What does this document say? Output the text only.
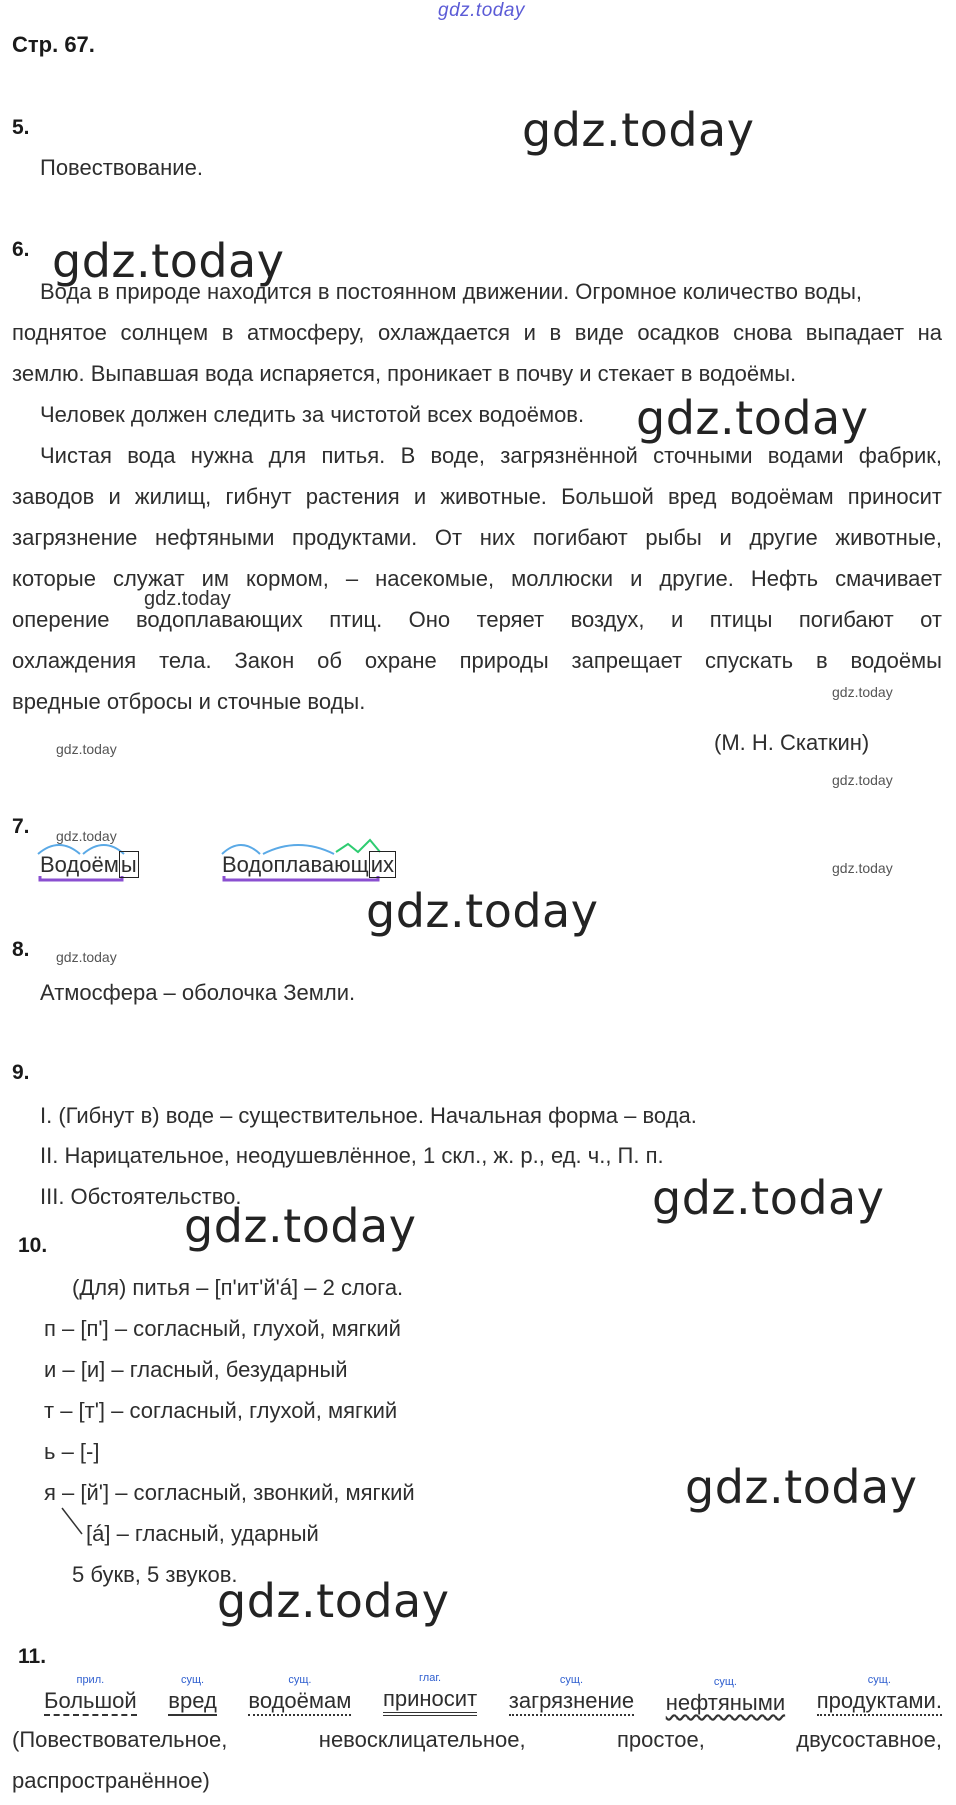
gdz.today
Стр. 67.
gdz.today
gdz.today
gdz.today
gdz.today
gdz.today
gdz.today
gdz.today
gdz.today
gdz.today
gdz.today
gdz.today
gdz.today
gdz.today
gdz.today
gdz.today
5.
Повествование.
6.
Вода в природе находится в постоянном движении. Огромное количество воды,
поднятое солнцем в атмосферу, охлаждается и в виде осадков снова выпадает на
землю. Выпавшая вода испаряется, проникает в почву и стекает в водоёмы.
Человек должен следить за чистотой всех водоёмов.
Чистая вода нужна для питья. В воде, загрязнённой сточными водами фабрик,
заводов и жилищ, гибнут растения и животные. Большой вред водоёмам приносит
загрязнение нефтяными продуктами. От них погибают рыбы и другие животные,
которые служат им кормом, – насекомые, моллюски и другие. Нефть смачивает
оперение водоплавающих птиц. Оно теряет воздух, и птицы погибают от
охлаждения тела. Закон об охране природы запрещает спускать в водоёмы
вредные отбросы и сточные воды.
(М. Н. Скаткин)
7.
Водоёмы	Водоплавающих
8.
Атмосфера – оболочка Земли.
9.
I. (Гибнут в) воде – существительное. Начальная форма – вода.
II. Нарицательное, неодушевлённое, 1 скл., ж. р., ед. ч., П. п.
III. Обстоятельство.
10.
(Для) питья – [п'ит'й'á] – 2 слога.
п – [п'] – согласный, глухой, мягкий
и – [и] – гласный, безударный
т – [т'] – согласный, глухой, мягкий
ь – [-]
я – [й'] – согласный, звонкий, мягкий
[á] – гласный, ударный
5 букв, 5 звуков.
11.
прил.
Большой
сущ.
вред
сущ.
водоёмам
глаг.
приносит
сущ.
загрязнение
сущ.
нефтяными
сущ.
продуктами.
(Повествовательное, невосклицательное, простое, двусоставное,
распространённое)
